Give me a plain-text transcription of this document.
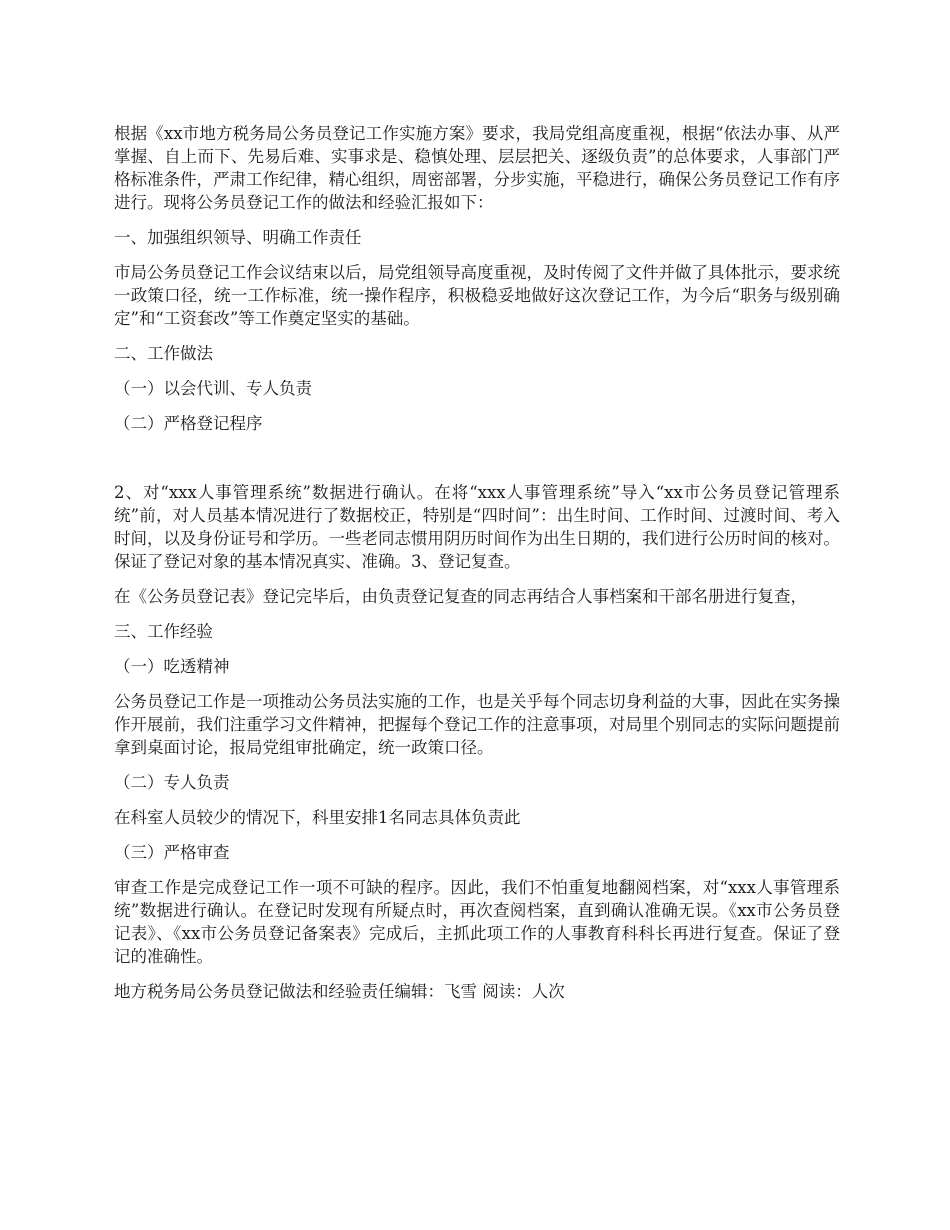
根据《xx市地方税务局公务员登记工作实施方案》要求，我局党组高度重视，根据“依法办事、从严掌握、自上而下、先易后难、实事求是、稳慎处理、层层把关、逐级负责”的总体要求，人事部门严格标准条件，严肃工作纪律，精心组织，周密部署，分步实施，平稳进行，确保公务员登记工作有序进行。现将公务员登记工作的做法和经验汇报如下：

一、加强组织领导、明确工作责任

市局公务员登记工作会议结束以后，局党组领导高度重视，及时传阅了文件并做了具体批示，要求统一政策口径，统一工作标准，统一操作程序，积极稳妥地做好这次登记工作，为今后“职务与级别确定”和“工资套改”等工作奠定坚实的基础。

二、工作做法

（一）以会代训、专人负责

（二）严格登记程序

2、对“xxx人事管理系统”数据进行确认。在将“xxx人事管理系统”导入“xx市公务员登记管理系统”前，对人员基本情况进行了数据校正，特别是“四时间”：出生时间、工作时间、过渡时间、考入时间，以及身份证号和学历。一些老同志惯用阴历时间作为出生日期的，我们进行公历时间的核对。保证了登记对象的基本情况真实、准确。3、登记复查。

在《公务员登记表》登记完毕后，由负责登记复查的同志再结合人事档案和干部名册进行复查，

三、工作经验

（一）吃透精神

公务员登记工作是一项推动公务员法实施的工作，也是关乎每个同志切身利益的大事，因此在实务操作开展前，我们注重学习文件精神，把握每个登记工作的注意事项，对局里个别同志的实际问题提前拿到桌面讨论，报局党组审批确定，统一政策口径。

（二）专人负责

在科室人员较少的情况下，科里安排1名同志具体负责此

（三）严格审查

审查工作是完成登记工作一项不可缺的程序。因此，我们不怕重复地翻阅档案，对“xxx人事管理系统”数据进行确认。在登记时发现有所疑点时，再次查阅档案，直到确认准确无误。《xx市公务员登记表》、《xx市公务员登记备案表》完成后，主抓此项工作的人事教育科科长再进行复查。保证了登记的准确性。

地方税务局公务员登记做法和经验责任编辑：飞雪 阅读：人次
